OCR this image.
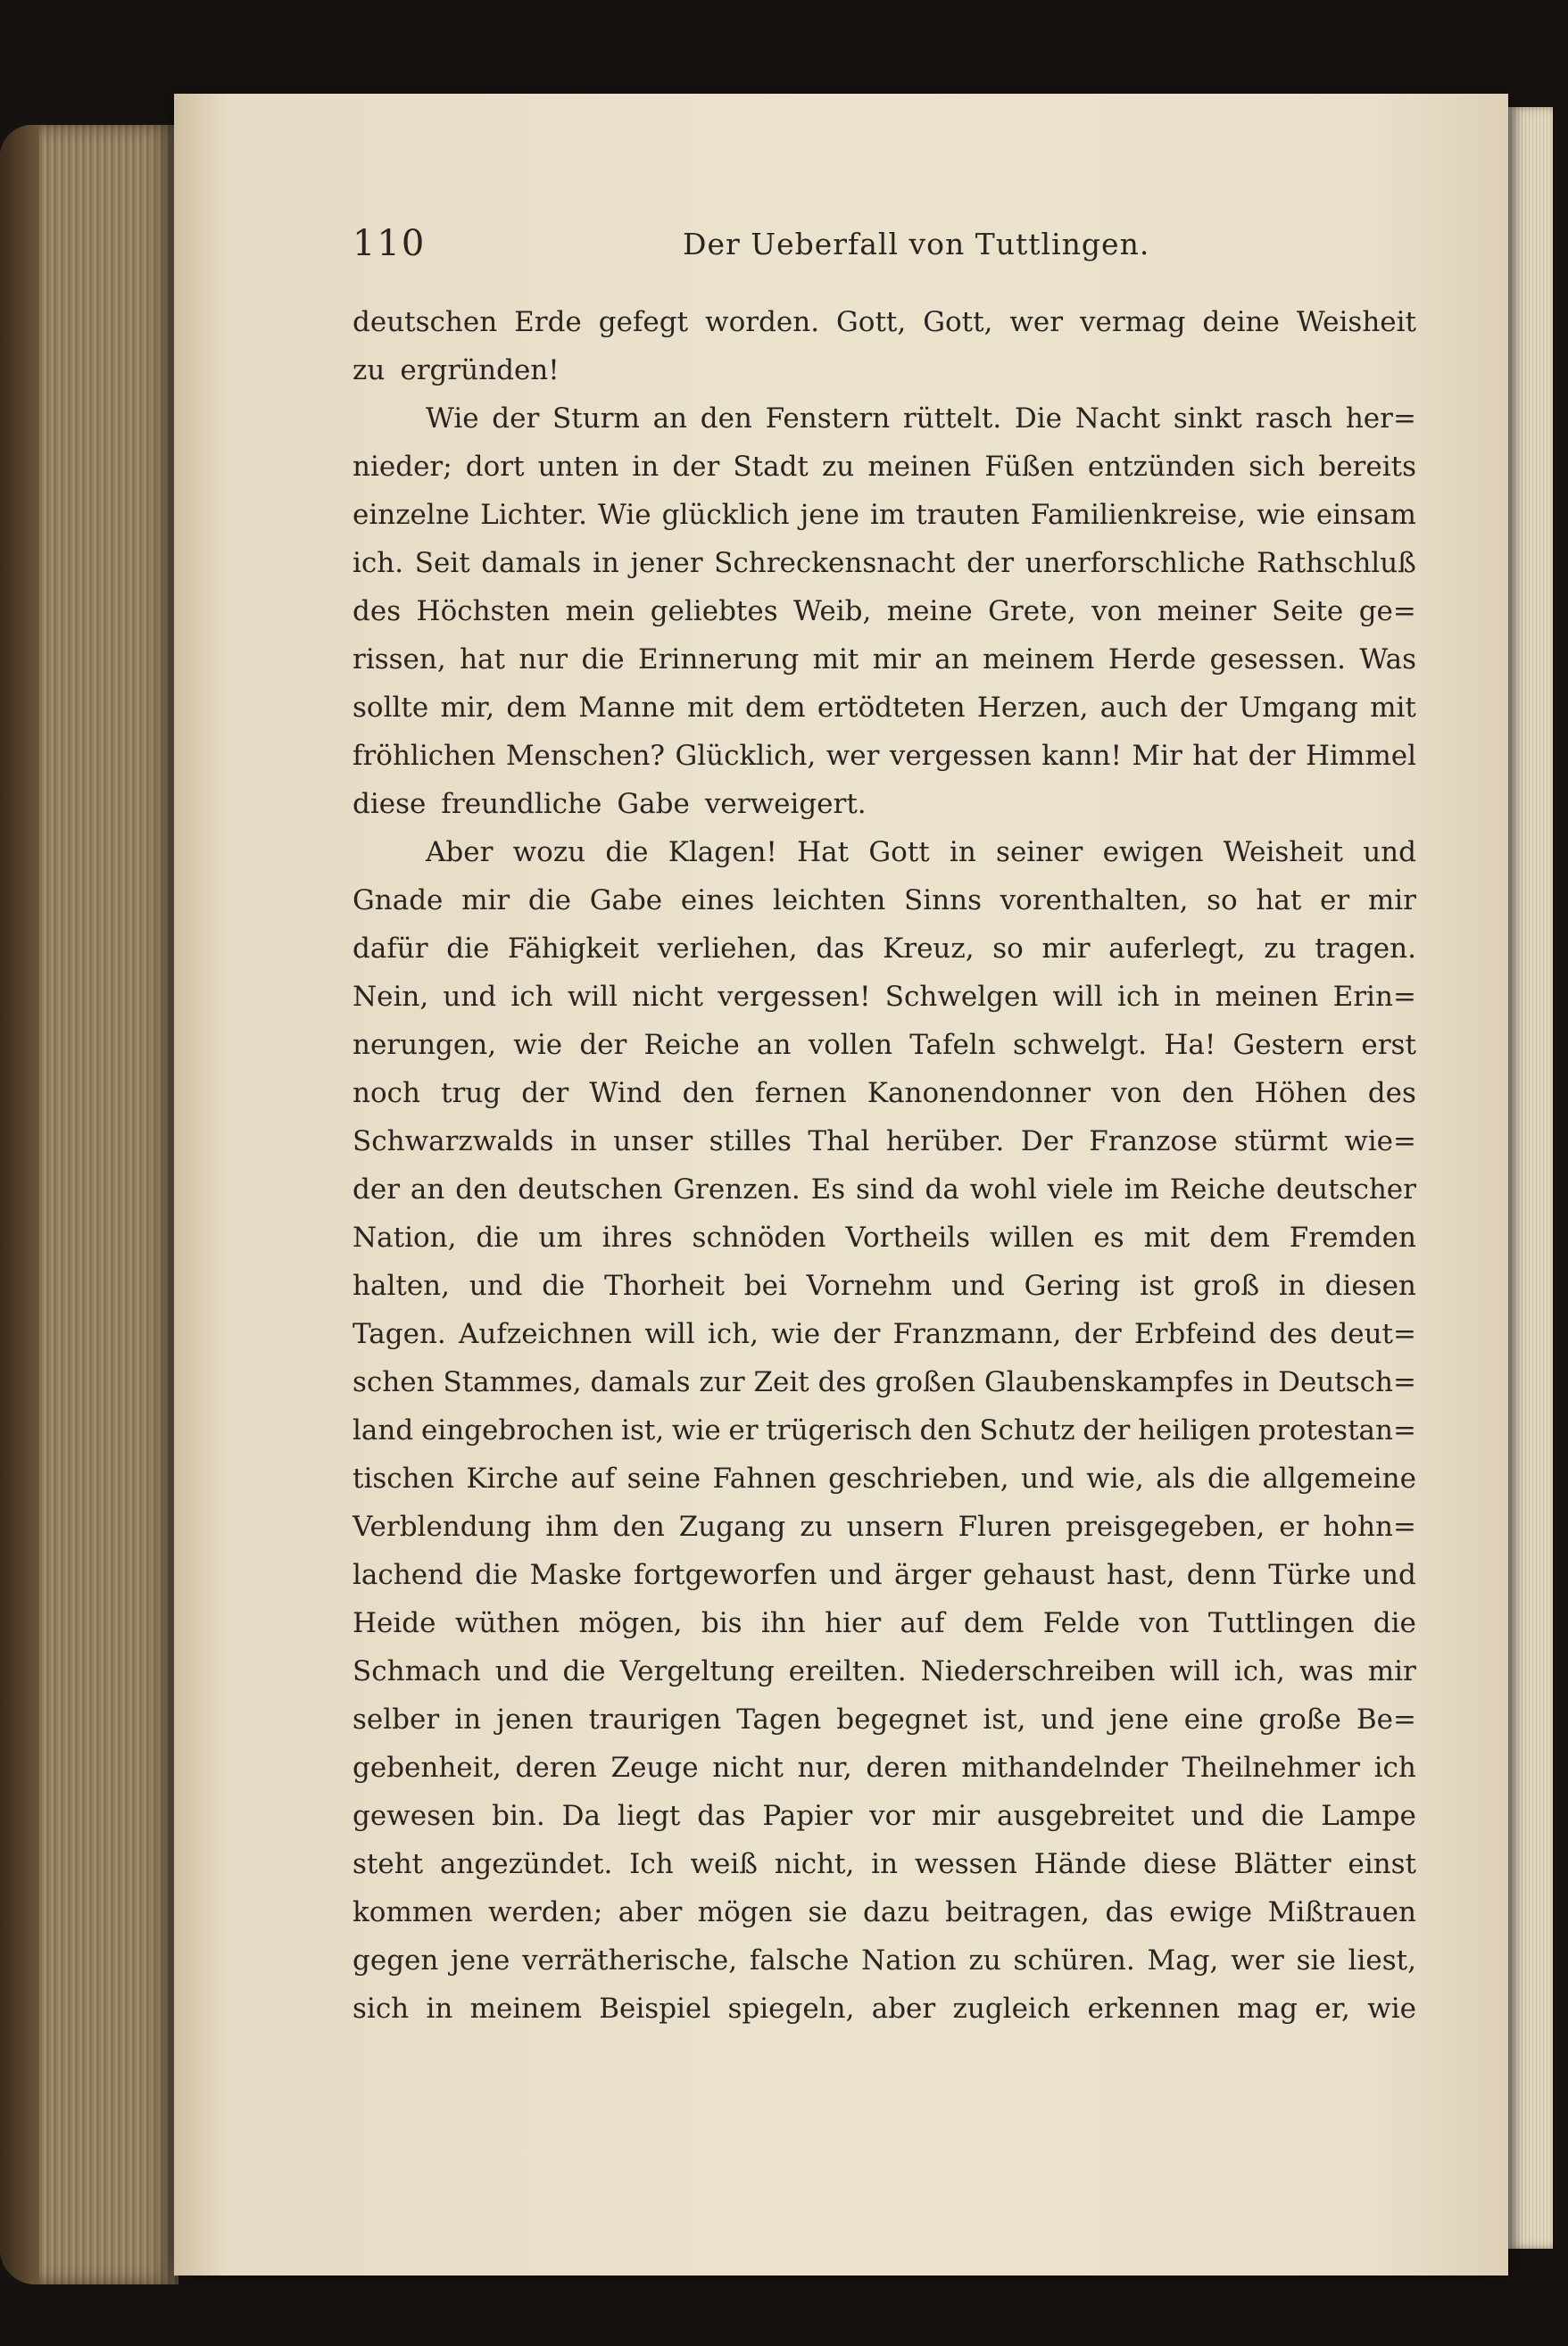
110	Der Ueberfall von Tuttlingen.
deutschen Erde gefegt worden. Gott, Gott, wer vermag deine Weisheit
zu ergründen!
Wie der Sturm an den Fenstern rüttelt. Die Nacht sinkt rasch her=
nieder; dort unten in der Stadt zu meinen Füßen entzünden sich bereits
einzelne Lichter. Wie glücklich jene im trauten Familienkreise, wie einsam
ich. Seit damals in jener Schreckensnacht der unerforschliche Rathschluß
des Höchsten mein geliebtes Weib, meine Grete, von meiner Seite ge=
rissen, hat nur die Erinnerung mit mir an meinem Herde gesessen. Was
sollte mir, dem Manne mit dem ertödteten Herzen, auch der Umgang mit
fröhlichen Menschen? Glücklich, wer vergessen kann! Mir hat der Himmel
diese freundliche Gabe verweigert.
Aber wozu die Klagen! Hat Gott in seiner ewigen Weisheit und
Gnade mir die Gabe eines leichten Sinns vorenthalten, so hat er mir
dafür die Fähigkeit verliehen, das Kreuz, so mir auferlegt, zu tragen.
Nein, und ich will nicht vergessen! Schwelgen will ich in meinen Erin=
nerungen, wie der Reiche an vollen Tafeln schwelgt. Ha! Gestern erst
noch trug der Wind den fernen Kanonendonner von den Höhen des
Schwarzwalds in unser stilles Thal herüber. Der Franzose stürmt wie=
der an den deutschen Grenzen. Es sind da wohl viele im Reiche deutscher
Nation, die um ihres schnöden Vortheils willen es mit dem Fremden
halten, und die Thorheit bei Vornehm und Gering ist groß in diesen
Tagen. Aufzeichnen will ich, wie der Franzmann, der Erbfeind des deut=
schen Stammes, damals zur Zeit des großen Glaubenskampfes in Deutsch=
land eingebrochen ist, wie er trügerisch den Schutz der heiligen protestan=
tischen Kirche auf seine Fahnen geschrieben, und wie, als die allgemeine
Verblendung ihm den Zugang zu unsern Fluren preisgegeben, er hohn=
lachend die Maske fortgeworfen und ärger gehaust hast, denn Türke und
Heide wüthen mögen, bis ihn hier auf dem Felde von Tuttlingen die
Schmach und die Vergeltung ereilten. Niederschreiben will ich, was mir
selber in jenen traurigen Tagen begegnet ist, und jene eine große Be=
gebenheit, deren Zeuge nicht nur, deren mithandelnder Theilnehmer ich
gewesen bin. Da liegt das Papier vor mir ausgebreitet und die Lampe
steht angezündet. Ich weiß nicht, in wessen Hände diese Blätter einst
kommen werden; aber mögen sie dazu beitragen, das ewige Mißtrauen
gegen jene verrätherische, falsche Nation zu schüren. Mag, wer sie liest,
sich in meinem Beispiel spiegeln, aber zugleich erkennen mag er, wie
